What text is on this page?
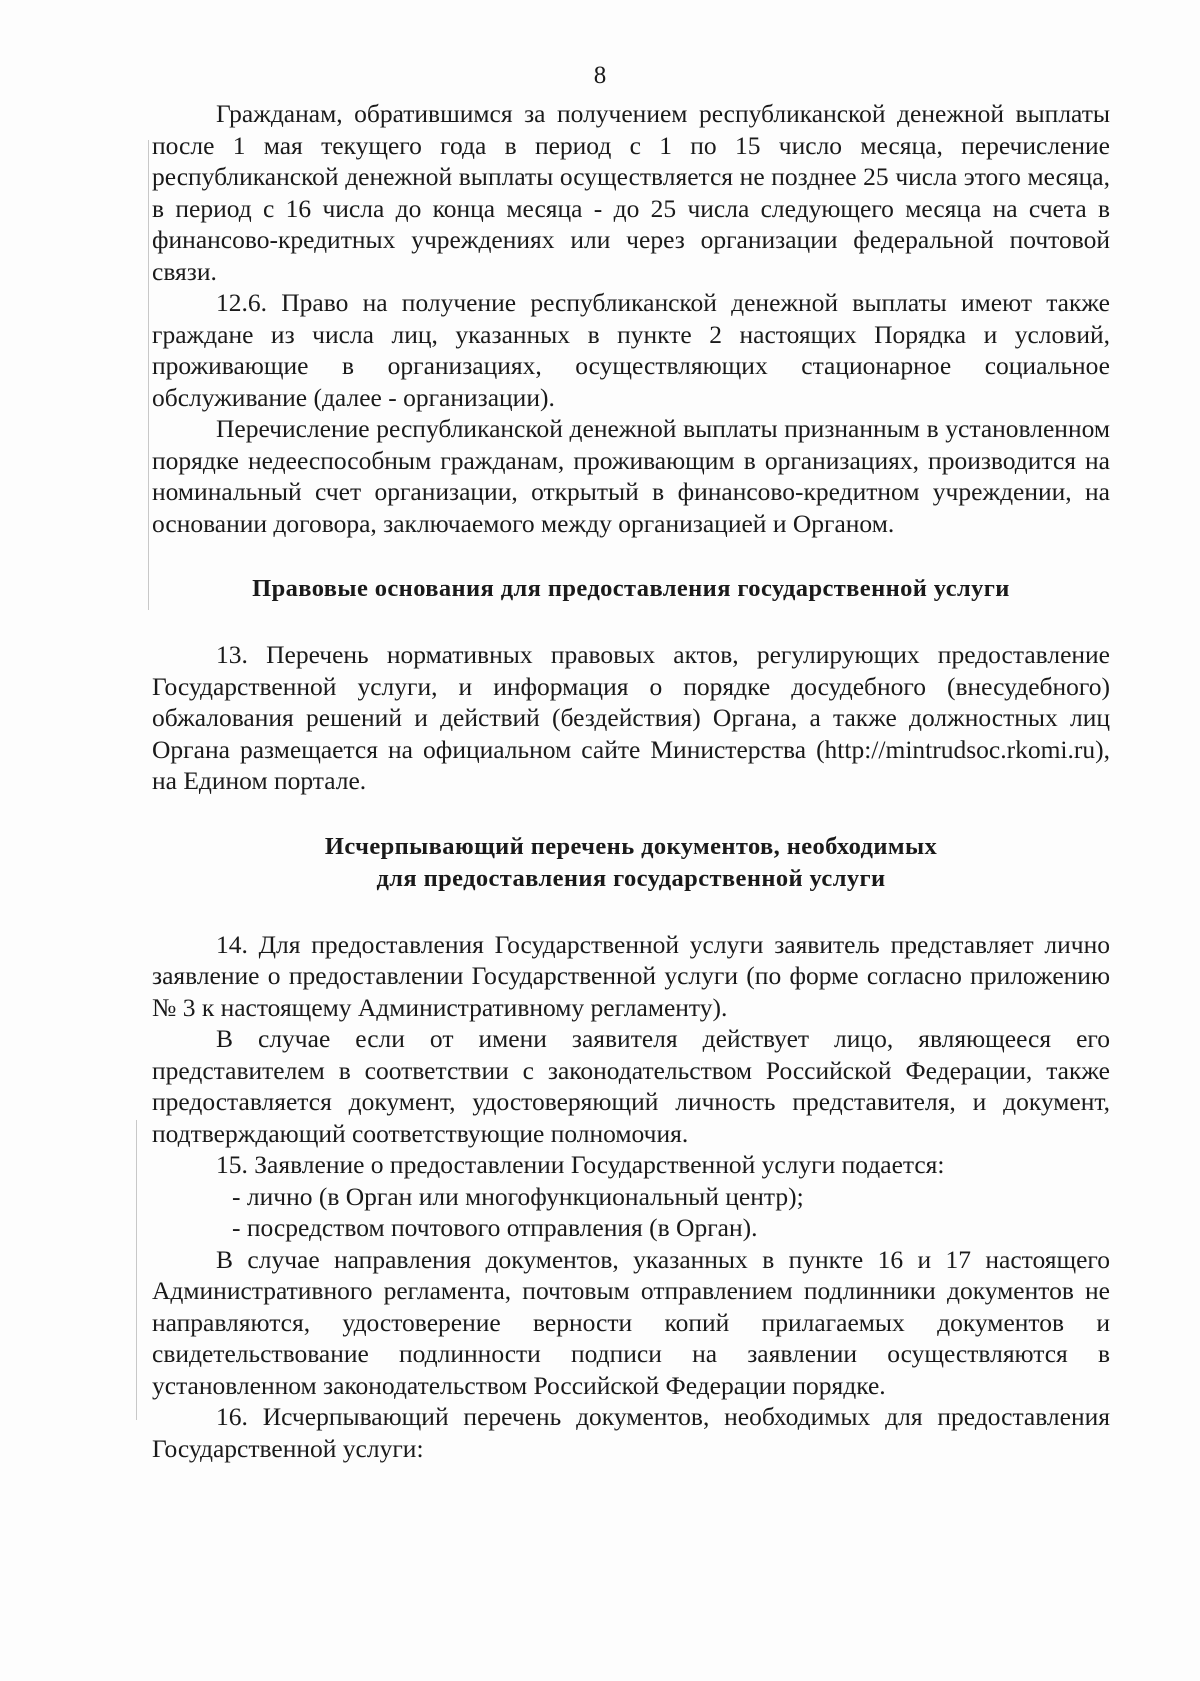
8

Гражданам, обратившимся за получением республиканской денежной выплаты после 1 мая текущего года в период с 1 по 15 число месяца, перечисление республиканской денежной выплаты осуществляется не позднее 25 числа этого месяца, в период с 16 числа до конца месяца - до 25 числа следующего месяца на счета в финансово-кредитных учреждениях или через организации федеральной почтовой связи.

12.6. Право на получение республиканской денежной выплаты имеют также граждане из числа лиц, указанных в пункте 2 настоящих Порядка и условий, проживающие в организациях, осуществляющих стационарное социальное обслуживание (далее - организации).

Перечисление республиканской денежной выплаты признанным в установленном порядке недееспособным гражданам, проживающим в организациях, производится на номинальный счет организации, открытый в финансово-кредитном учреждении, на основании договора, заключаемого между организацией и Органом.

Правовые основания для предоставления государственной услуги

13. Перечень нормативных правовых актов, регулирующих предоставление Государственной услуги, и информация о порядке досудебного (внесудебного) обжалования решений и действий (бездействия) Органа, а также должностных лиц Органа размещается на официальном сайте Министерства (http://mintrudsoc.rkomi.ru), на Едином портале.

Исчерпывающий перечень документов, необходимых

для предоставления государственной услуги

14. Для предоставления Государственной услуги заявитель представляет лично заявление о предоставлении Государственной услуги (по форме согласно приложению № 3 к настоящему Административному регламенту).

В случае если от имени заявителя действует лицо, являющееся его представителем в соответствии с законодательством Российской Федерации, также предоставляется документ, удостоверяющий личность представителя, и документ, подтверждающий соответствующие полномочия.

15. Заявление о предоставлении Государственной услуги подается:

- лично (в Орган или многофункциональный центр);

- посредством почтового отправления (в Орган).

В случае направления документов, указанных в пункте 16 и 17 настоящего Административного регламента, почтовым отправлением подлинники документов не направляются, удостоверение верности копий прилагаемых документов и свидетельствование подлинности подписи на заявлении осуществляются в установленном законодательством Российской Федерации порядке.

16. Исчерпывающий перечень документов, необходимых для предоставления Государственной услуги:
